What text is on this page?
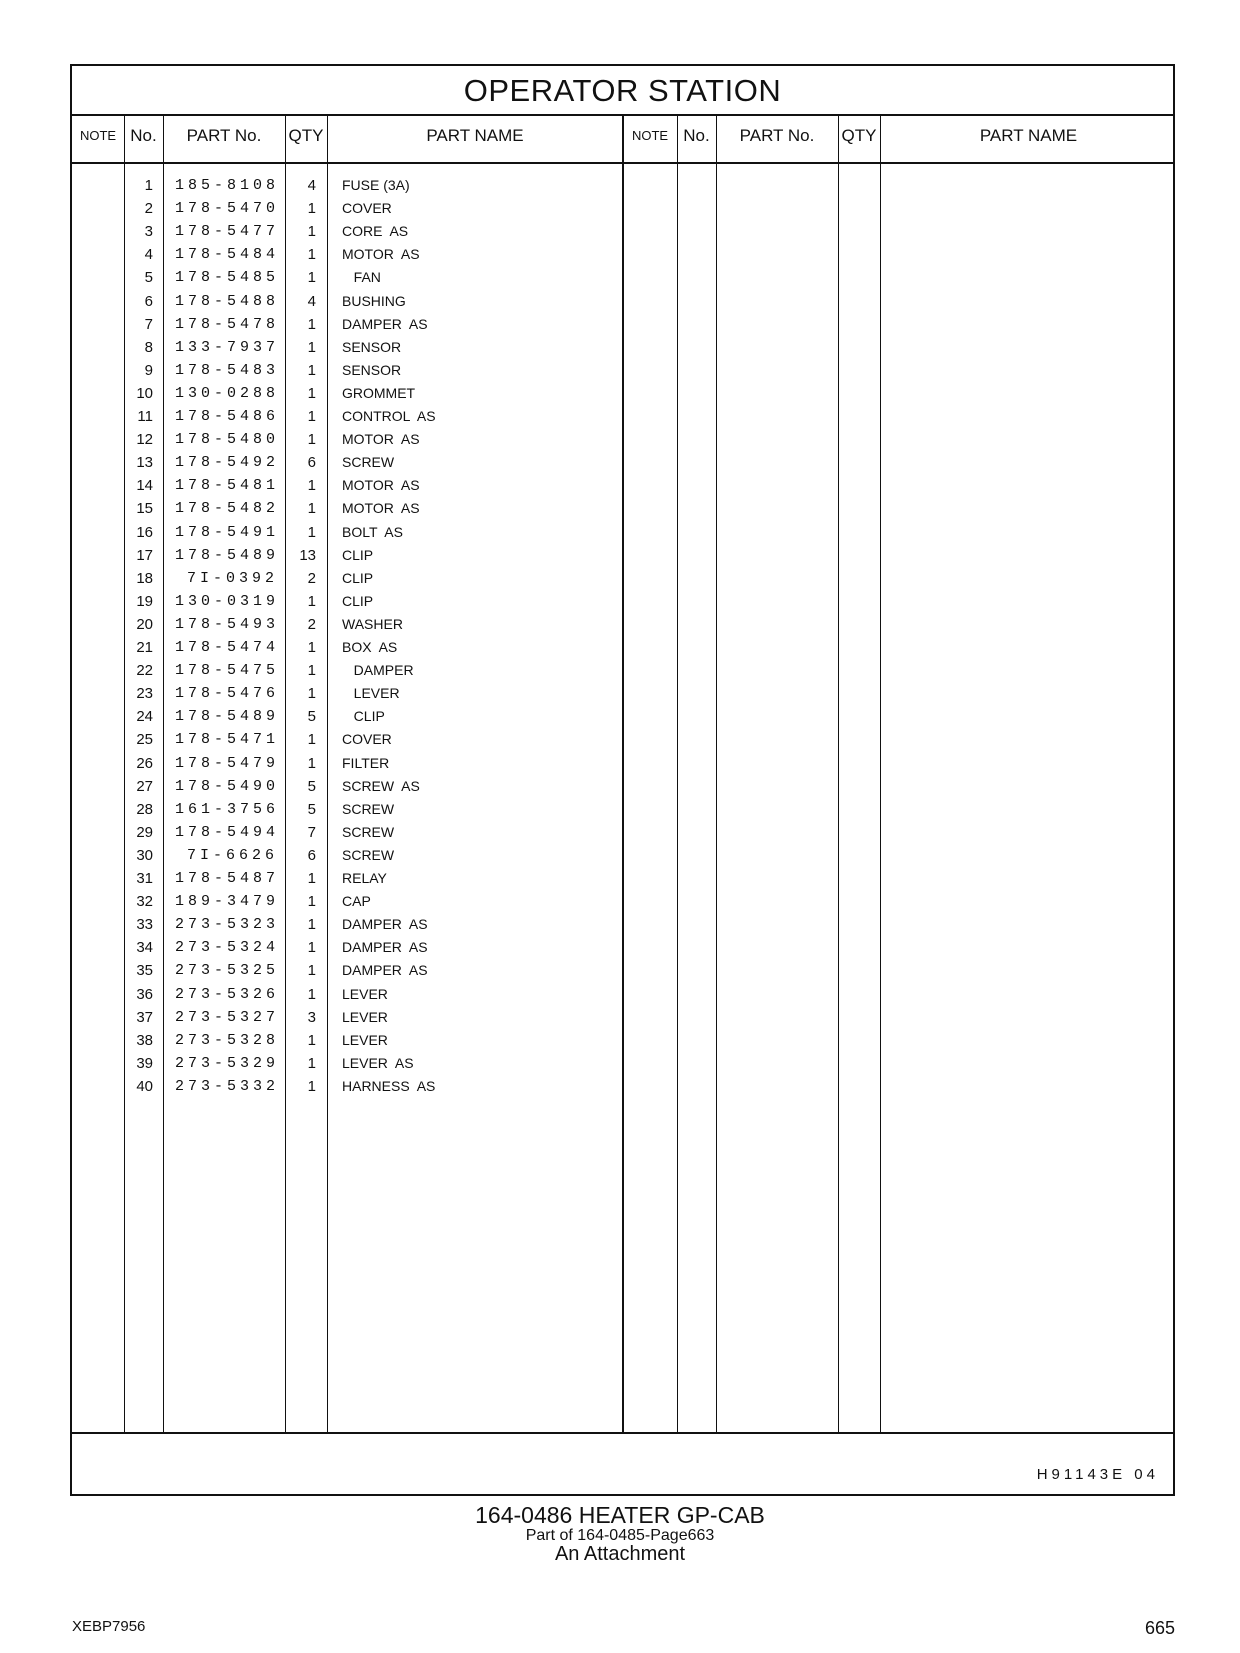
OPERATOR STATION
NOTE No.	PART No.	QTY	PART NAME	NOTE No.	PART No.	QTY	PART NAME
1 185-8108	4 FUSE (3A)
2 178-5470	1 COVER
3 178-5477	1 CORE  AS
4 178-5484	1 MOTOR  AS
5 178-5485	1 FAN
6 178-5488	4 BUSHING
7 178-5478	1 DAMPER  AS
8 133-7937	1 SENSOR
9 178-5483	1 SENSOR
10 130-0288	1 GROMMET
11 178-5486	1 CONTROL  AS
12 178-5480	1 MOTOR  AS
13 178-5492	6 SCREW
14 178-5481	1 MOTOR  AS
15 178-5482	1 MOTOR  AS
16 178-5491	1 BOLT  AS
17 178-5489	13 CLIP
18	7I-0392	2 CLIP
19 130-0319	1 CLIP
20 178-5493	2 WASHER
21 178-5474	1 BOX  AS
22 178-5475	1 DAMPER
23 178-5476	1 LEVER
24 178-5489	5 CLIP
25 178-5471	1 COVER
26 178-5479	1 FILTER
27 178-5490	5 SCREW  AS
28 161-3756	5 SCREW
29 178-5494	7 SCREW
30	7I-6626	6 SCREW
31 178-5487	1 RELAY
32 189-3479	1 CAP
33 273-5323	1 DAMPER  AS
34 273-5324	1 DAMPER  AS
35 273-5325	1 DAMPER  AS
36 273-5326	1 LEVER
37 273-5327	3 LEVER
38 273-5328	1 LEVER
39 273-5329	1 LEVER  AS
40 273-5332	1 HARNESS  AS
H91143E 04
164-0486 HEATER GP-CAB
Part of 164-0485-Page663
An Attachment
XEBP7956	665
